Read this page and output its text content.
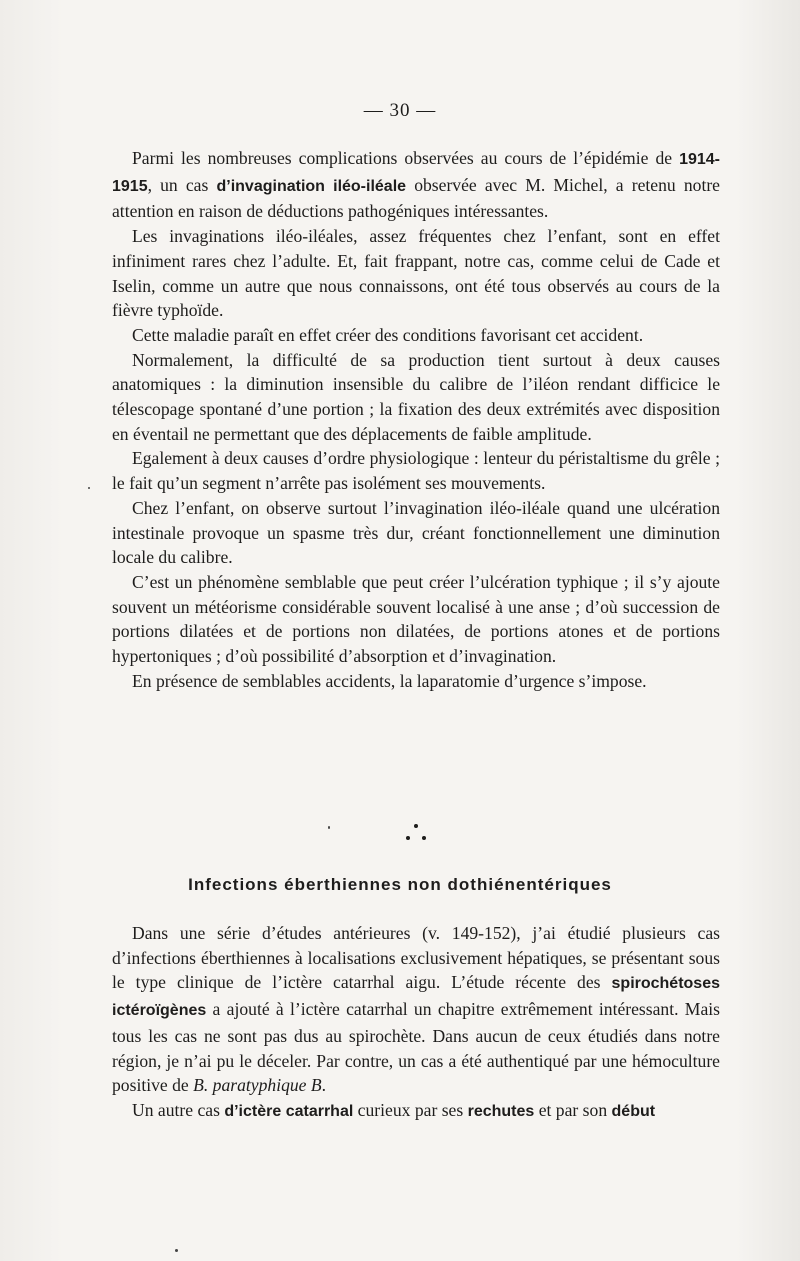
— 30 —

Parmi les nombreuses complications observées au cours de l’épidémie de 1914-1915, un cas d’invagination iléo-iléale observée avec M. Michel, a retenu notre attention en raison de déductions pathogéniques intéressantes.

Les invaginations iléo-iléales, assez fréquentes chez l’enfant, sont en effet infiniment rares chez l’adulte. Et, fait frappant, notre cas, comme celui de Cade et Iselin, comme un autre que nous connaissons, ont été tous observés au cours de la fièvre typhoïde.

Cette maladie paraît en effet créer des conditions favorisant cet accident.

Normalement, la difficulté de sa production tient surtout à deux causes anatomiques : la diminution insensible du calibre de l’iléon rendant difficice le télescopage spontané d’une portion ; la fixation des deux extrémités avec disposition en éventail ne permettant que des déplacements de faible amplitude.

Egalement à deux causes d’ordre physiologique : lenteur du péristaltisme du grêle ; le fait qu’un segment n’arrête pas isolément ses mouvements.

Chez l’enfant, on observe surtout l’invagination iléo-iléale quand une ulcération intestinale provoque un spasme très dur, créant fonctionnellement une diminution locale du calibre.

C’est un phénomène semblable que peut créer l’ulcération typhique ; il s’y ajoute souvent un météorisme considérable souvent localisé à une anse ; d’où succession de portions dilatées et de portions non dilatées, de portions atones et de portions hypertoniques ; d’où possibilité d’absorption et d’invagination.

En présence de semblables accidents, la laparatomie d’urgence s’impose.

Infections éberthiennes non dothiénentériques

Dans une série d’études antérieures (v. 149-152), j’ai étudié plusieurs cas d’infections éberthiennes à localisations exclusivement hépatiques, se présentant sous le type clinique de l’ictère catarrhal aigu. L’étude récente des spirochétoses ictéroïgènes a ajouté à l’ictère catarrhal un chapitre extrêmement intéressant. Mais tous les cas ne sont pas dus au spirochète. Dans aucun de ceux étudiés dans notre région, je n’ai pu le déceler. Par contre, un cas a été authentiqué par une hémoculture positive de B. paratyphique B.

Un autre cas d’ictère catarrhal curieux par ses rechutes et par son début
